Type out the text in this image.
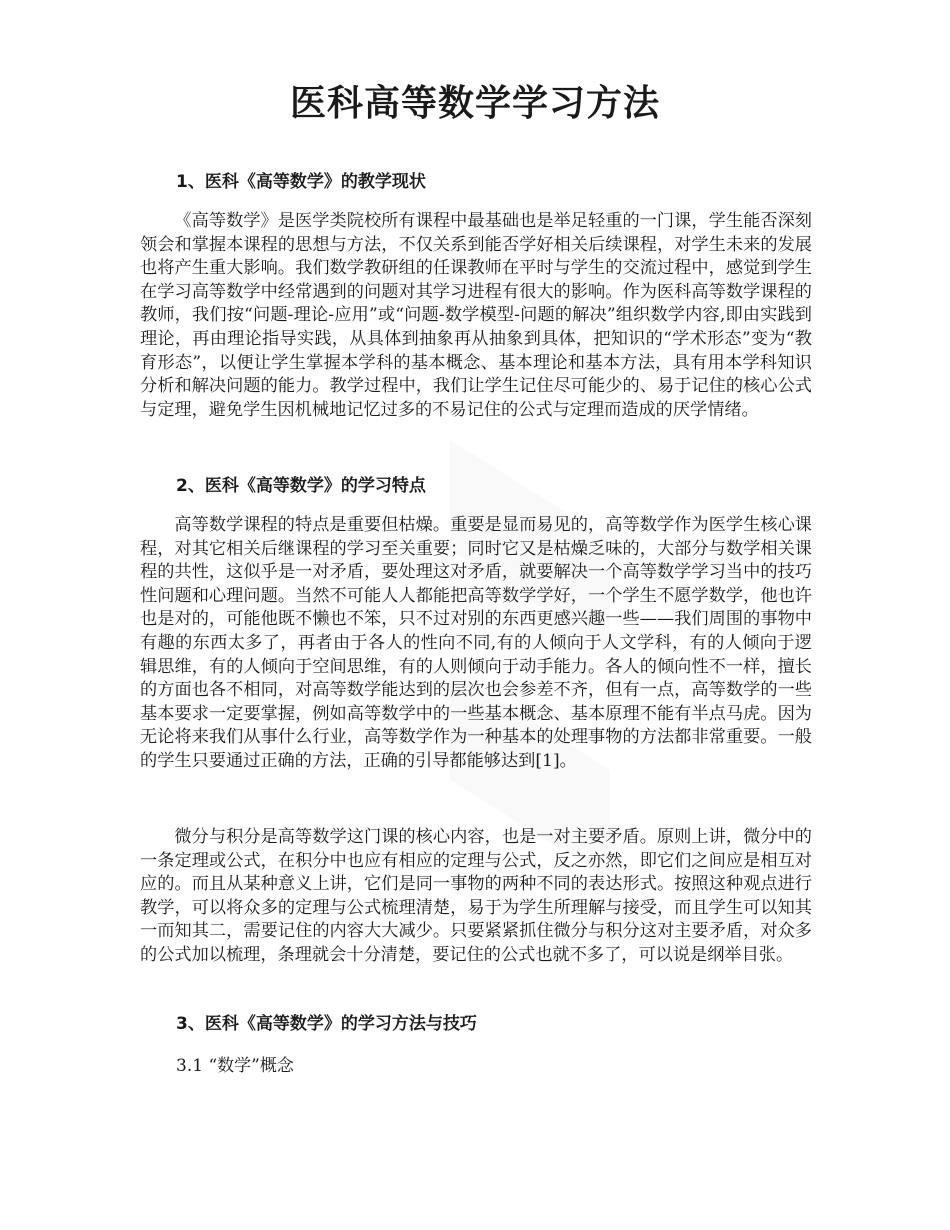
医科高等数学学习方法
1、医科《高等数学》的教学现状

《高等数学》是医学类院校所有课程中最基础也是举足轻重的一门课，学生能否深刻领会和掌握本课程的思想与方法，不仅关系到能否学好相关后续课程，对学生未来的发展也将产生重大影响。我们数学教研组的任课教师在平时与学生的交流过程中，感觉到学生在学习高等数学中经常遇到的问题对其学习进程有很大的影响。作为医科高等数学课程的教师，我们按“问题-理论-应用”或“问题-数学模型-问题的解决”组织数学内容,即由实践到理论，再由理论指导实践，从具体到抽象再从抽象到具体，把知识的“学术形态”变为“教育形态”，以便让学生掌握本学科的基本概念、基本理论和基本方法，具有用本学科知识分析和解决问题的能力。教学过程中，我们让学生记住尽可能少的、易于记住的核心公式与定理，避免学生因机械地记忆过多的不易记住的公式与定理而造成的厌学情绪。

2、医科《高等数学》的学习特点

高等数学课程的特点是重要但枯燥。重要是显而易见的，高等数学作为医学生核心课程，对其它相关后继课程的学习至关重要；同时它又是枯燥乏味的，大部分与数学相关课程的共性，这似乎是一对矛盾，要处理这对矛盾，就要解决一个高等数学学习当中的技巧性问题和心理问题。当然不可能人人都能把高等数学学好，一个学生不愿学数学，他也许也是对的，可能他既不懒也不笨，只不过对别的东西更感兴趣一些——我们周围的事物中有趣的东西太多了，再者由于各人的性向不同,有的人倾向于人文学科，有的人倾向于逻辑思维，有的人倾向于空间思维，有的人则倾向于动手能力。各人的倾向性不一样，擅长的方面也各不相同，对高等数学能达到的层次也会参差不齐，但有一点，高等数学的一些基本要求一定要掌握，例如高等数学中的一些基本概念、基本原理不能有半点马虎。因为无论将来我们从事什么行业，高等数学作为一种基本的处理事物的方法都非常重要。一般的学生只要通过正确的方法，正确的引导都能够达到[1]。

微分与积分是高等数学这门课的核心内容，也是一对主要矛盾。原则上讲，微分中的一条定理或公式，在积分中也应有相应的定理与公式，反之亦然，即它们之间应是相互对应的。而且从某种意义上讲，它们是同一事物的两种不同的表达形式。按照这种观点进行教学，可以将众多的定理与公式梳理清楚，易于为学生所理解与接受，而且学生可以知其一而知其二，需要记住的内容大大减少。只要紧紧抓住微分与积分这对主要矛盾，对众多的公式加以梳理，条理就会十分清楚，要记住的公式也就不多了，可以说是纲举目张。

3、医科《高等数学》的学习方法与技巧

3.1 “数学”概念
